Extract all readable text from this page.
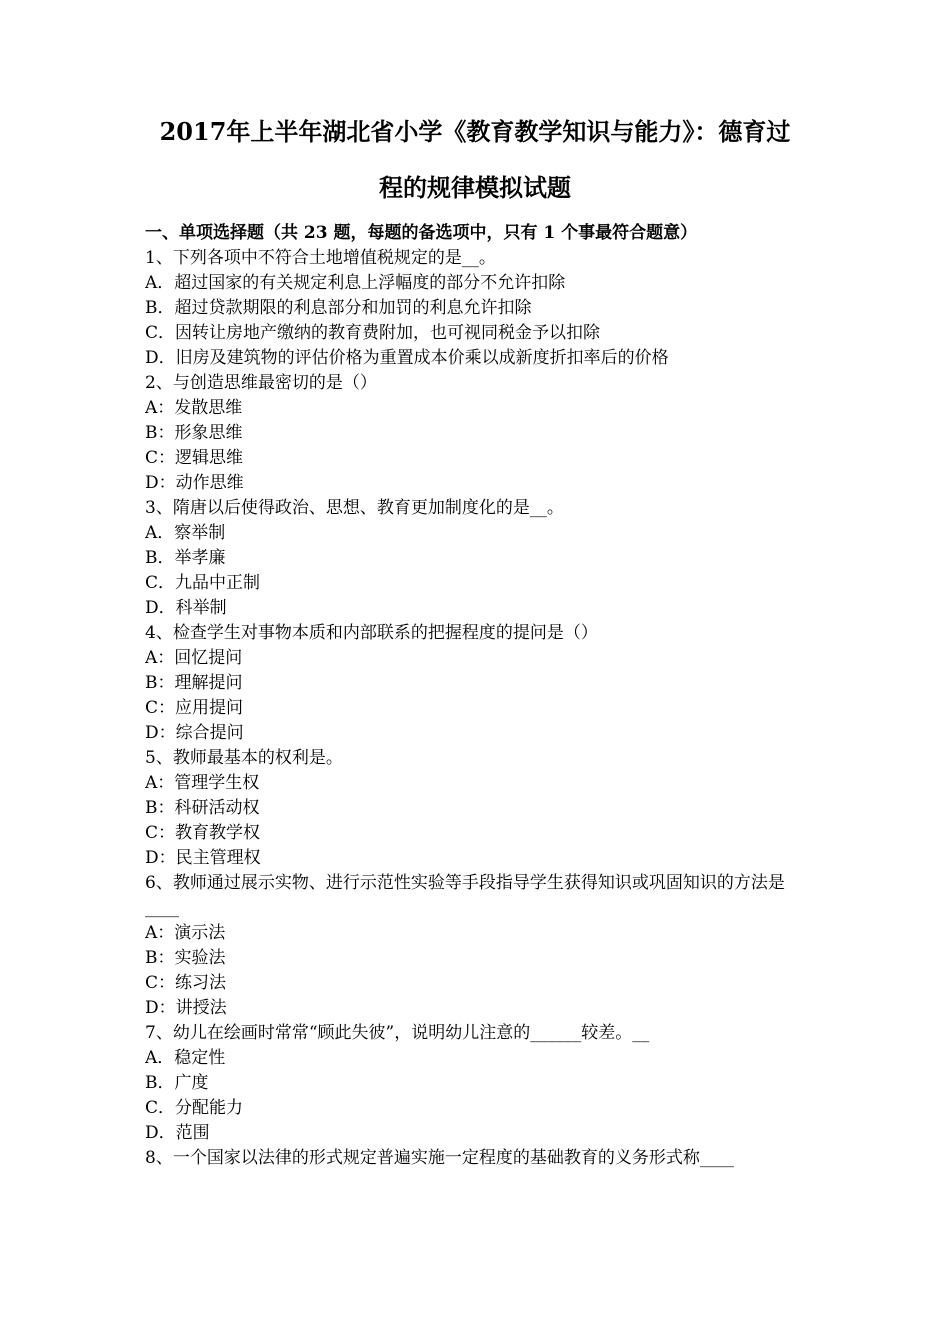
2017年上半年湖北省小学《教育教学知识与能力》：德育过
程的规律模拟试题
一、单项选择题（共 23 题，每题的备选项中，只有 1 个事最符合题意）
1、下列各项中不符合土地增值税规定的是__。
A．超过国家的有关规定利息上浮幅度的部分不允许扣除
B．超过贷款期限的利息部分和加罚的利息允许扣除
C．因转让房地产缴纳的教育费附加，也可视同税金予以扣除
D．旧房及建筑物的评估价格为重置成本价乘以成新度折扣率后的价格
2、与创造思维最密切的是（）
A：发散思维
B：形象思维
C：逻辑思维
D：动作思维
3、隋唐以后使得政治、思想、教育更加制度化的是__。
A．察举制
B．举孝廉
C．九品中正制
D．科举制
4、检查学生对事物本质和内部联系的把握程度的提问是（）
A：回忆提问
B：理解提问
C：应用提问
D：综合提问
5、教师最基本的权利是。
A：管理学生权
B：科研活动权
C：教育教学权
D：民主管理权
6、教师通过展示实物、进行示范性实验等手段指导学生获得知识或巩固知识的方法是____
A：演示法
B：实验法
C：练习法
D：讲授法
7、幼儿在绘画时常常“顾此失彼”，说明幼儿注意的______较差。__
A．稳定性
B．广度
C．分配能力
D．范围
8、一个国家以法律的形式规定普遍实施一定程度的基础教育的义务形式称____
